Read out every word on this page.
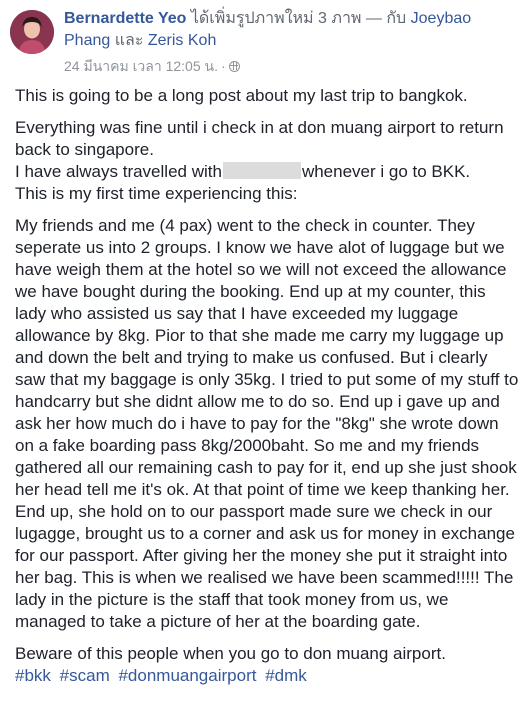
Bernardette Yeo ได้เพิ่มรูปภาพใหม่ 3 ภาพ — กับ Joeybao
Phang และ Zeris Koh
24 มีนาคม เวลา 12:05 น. ·

This is going to be a long post about my last trip to bangkok.

Everything was fine until i check in at don muang airport to return back to singapore.

I have always travelled with	whenever i go to BKK.

This is my first time experiencing this:

My friends and me (4 pax) went to the check in counter. They seperate us into 2 groups. I know we have alot of luggage but we have weigh them at the hotel so we will not exceed the allowance we have bought during the booking. End up at my counter, this lady who assisted us say that I have exceeded my luggage allowance by 8kg. Pior to that she made me carry my luggage up and down the belt and trying to make us confused. But i clearly saw that my baggage is only 35kg. I tried to put some of my stuff to handcarry but she didnt allow me to do so. End up i gave up and ask her how much do i have to pay for the "8kg" she wrote down on a fake boarding pass 8kg/2000baht. So me and my friends gathered all our remaining cash to pay for it, end up she just shook her head tell me it's ok. At that point of time we keep thanking her. End up, she hold on to our passport made sure we check in our lugagge, brought us to a corner and ask us for money in exchange for our passport. After giving her the money she put it straight into her bag. This is when we realised we have been scammed!!!!! The lady in the picture is the staff that took money from us, we managed to take a picture of her at the boarding gate.

Beware of this people when you go to don muang airport.

#bkk #scam #donmuangairport #dmk
